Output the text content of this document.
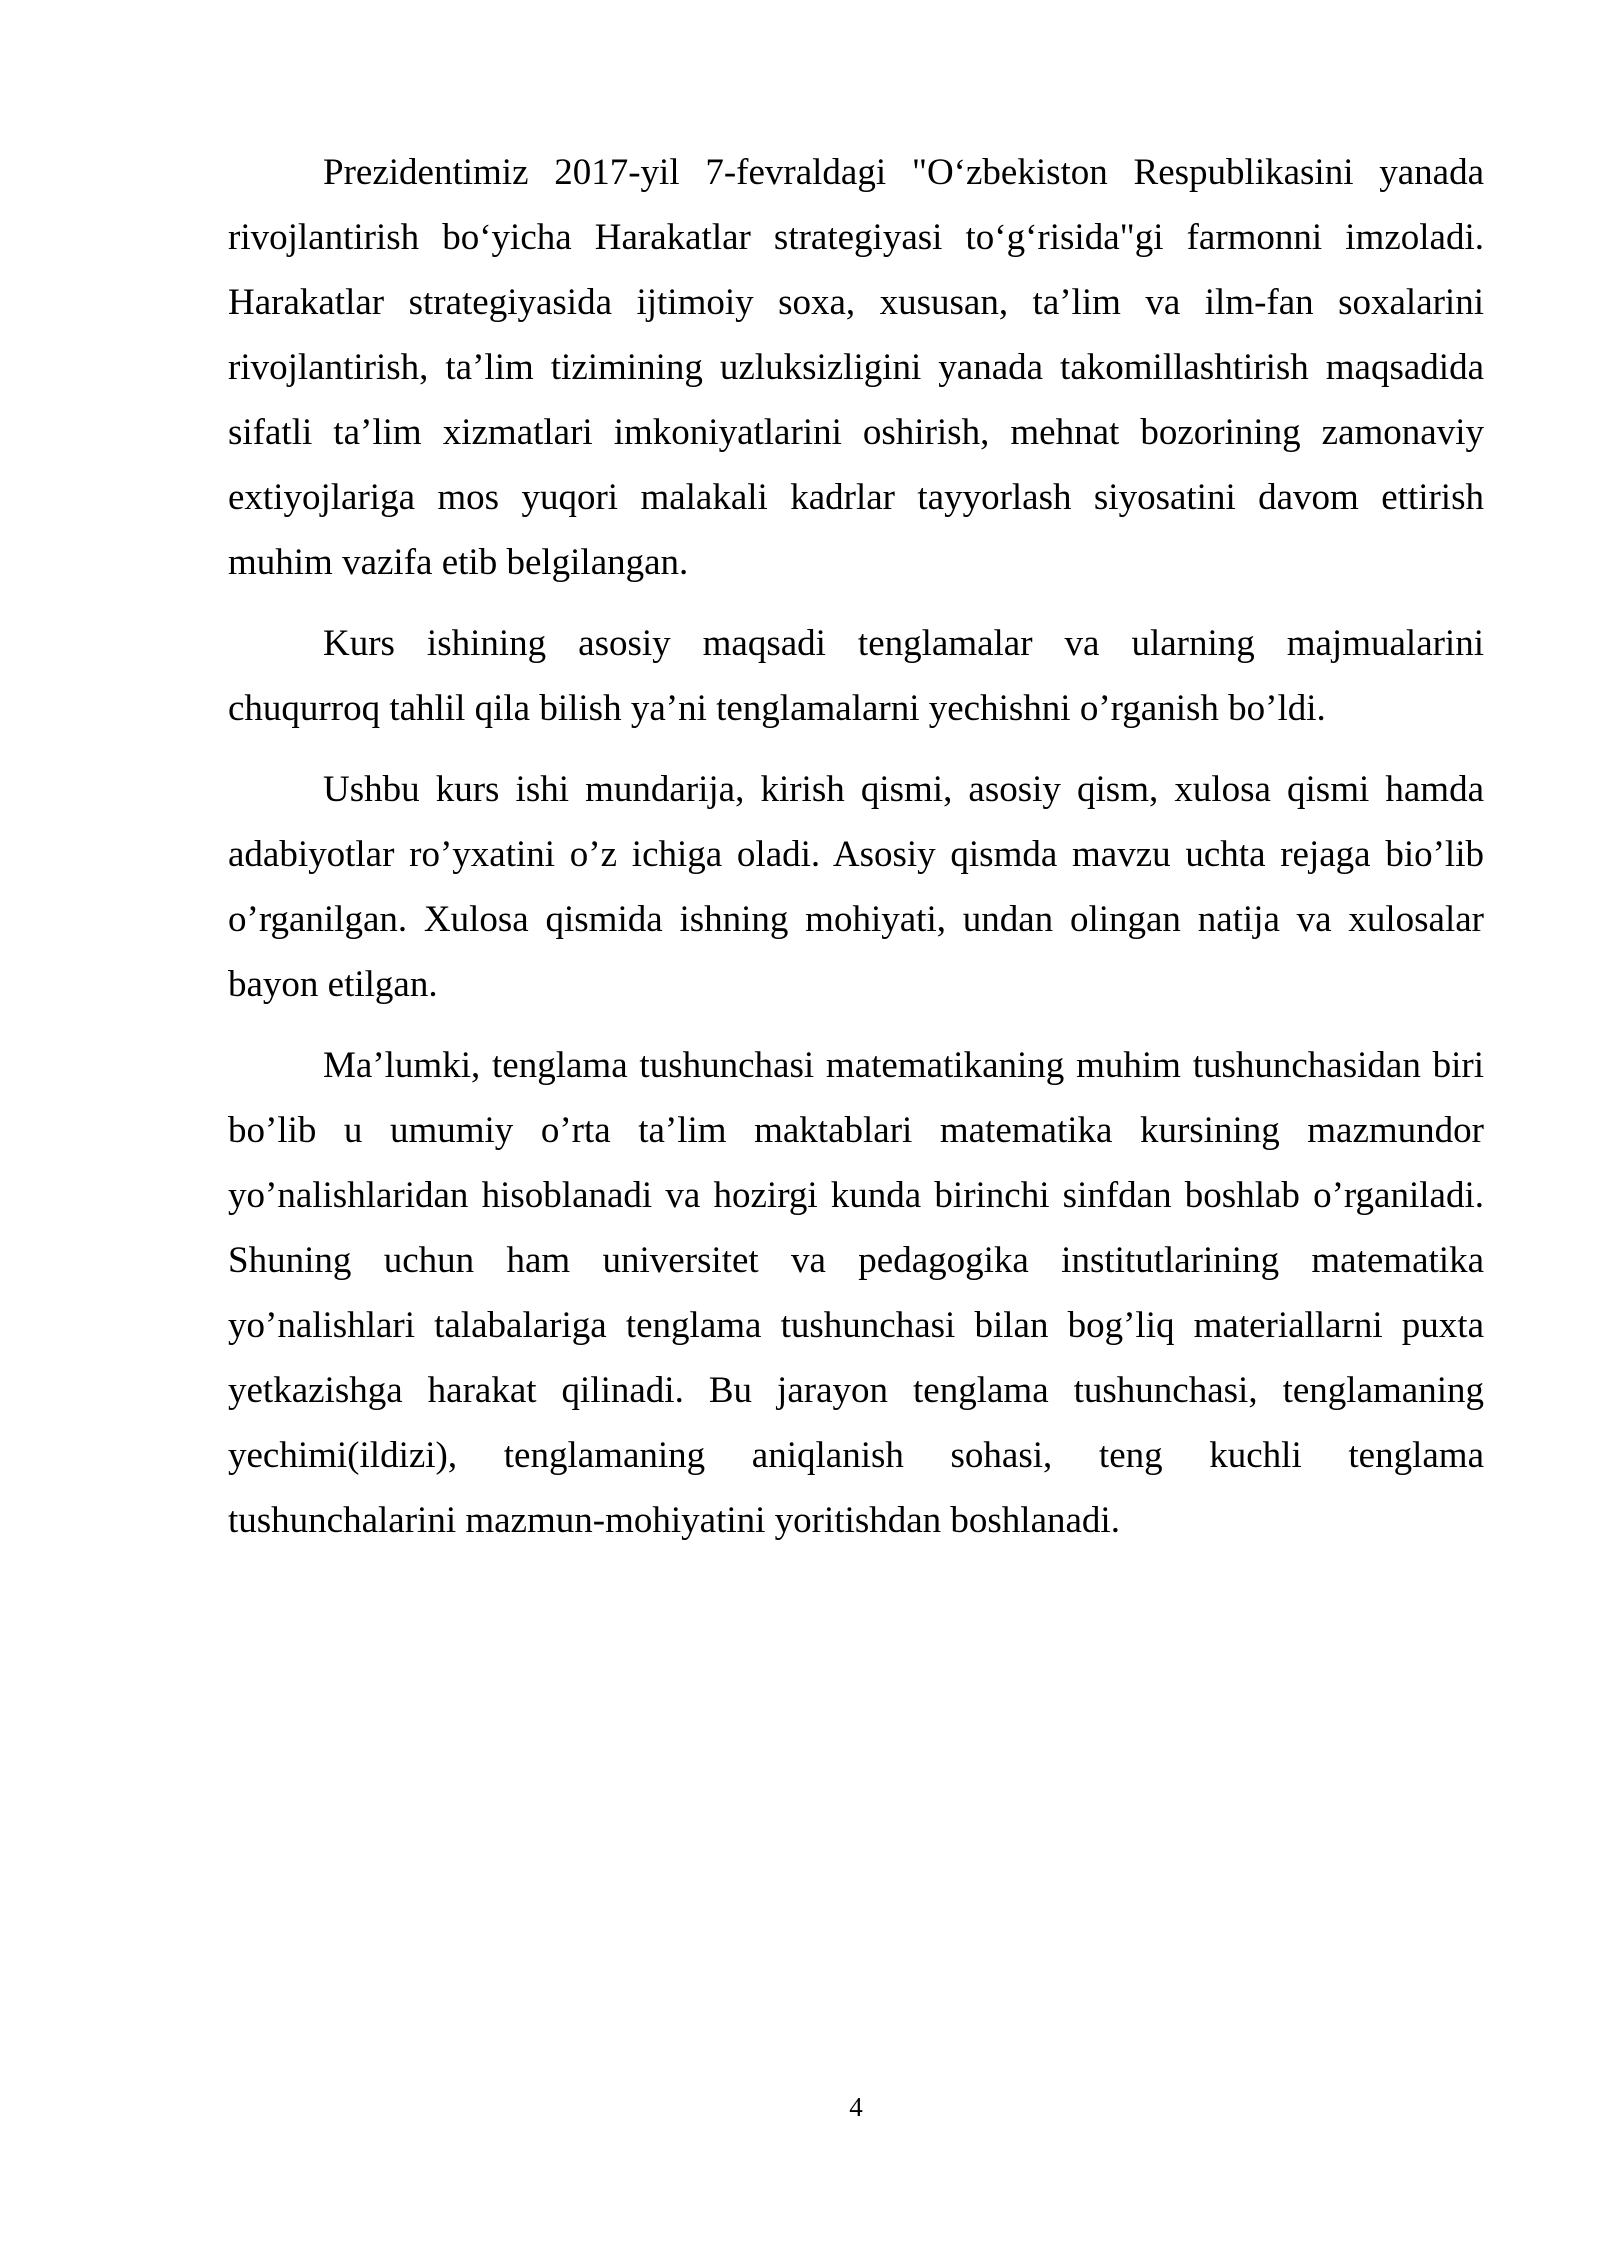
Prezidentimiz 2017-yil 7-fevraldagi "Oʻzbekiston Respublikasini yanada
rivojlantirish boʻyicha Harakatlar strategiyasi toʻgʻrisida"gi farmonni imzoladi.
Harakatlar strategiyasida ijtimoiy soxa, xususan, ta’lim va ilm-fan soxalarini
rivojlantirish, ta’lim tizimining uzluksizligini yanada takomillashtirish maqsadida
sifatli ta’lim xizmatlari imkoniyatlarini oshirish, mehnat bozorining zamonaviy
extiyojlariga mos yuqori malakali kadrlar tayyorlash siyosatini davom ettirish
muhim vazifa etib belgilangan.
Kurs ishining asosiy maqsadi tenglamalar va ularning majmualarini
chuqurroq tahlil qila bilish ya’ni tenglamalarni yechishni o’rganish bo’ldi.
Ushbu kurs ishi mundarija, kirish qismi, asosiy qism, xulosa qismi hamda
adabiyotlar ro’yxatini o’z ichiga oladi. Asosiy qismda mavzu uchta rejaga bio’lib
o’rganilgan. Xulosa qismida ishning mohiyati, undan olingan natija va xulosalar
bayon etilgan.
Ma’lumki, tenglama tushunchasi matematikaning muhim tushunchasidan biri
bo’lib u umumiy o’rta ta’lim maktablari matematika kursining mazmundor
yo’nalishlaridan hisoblanadi va hozirgi kunda birinchi sinfdan boshlab o’rganiladi.
Shuning uchun ham universitet va pedagogika institutlarining matematika
yo’nalishlari talabalariga tenglama tushunchasi bilan bog’liq materiallarni puxta
yetkazishga harakat qilinadi. Bu jarayon tenglama tushunchasi, tenglamaning
yechimi(ildizi), tenglamaning aniqlanish sohasi, teng kuchli tenglama
tushunchalarini mazmun-mohiyatini yoritishdan boshlanadi.
4
